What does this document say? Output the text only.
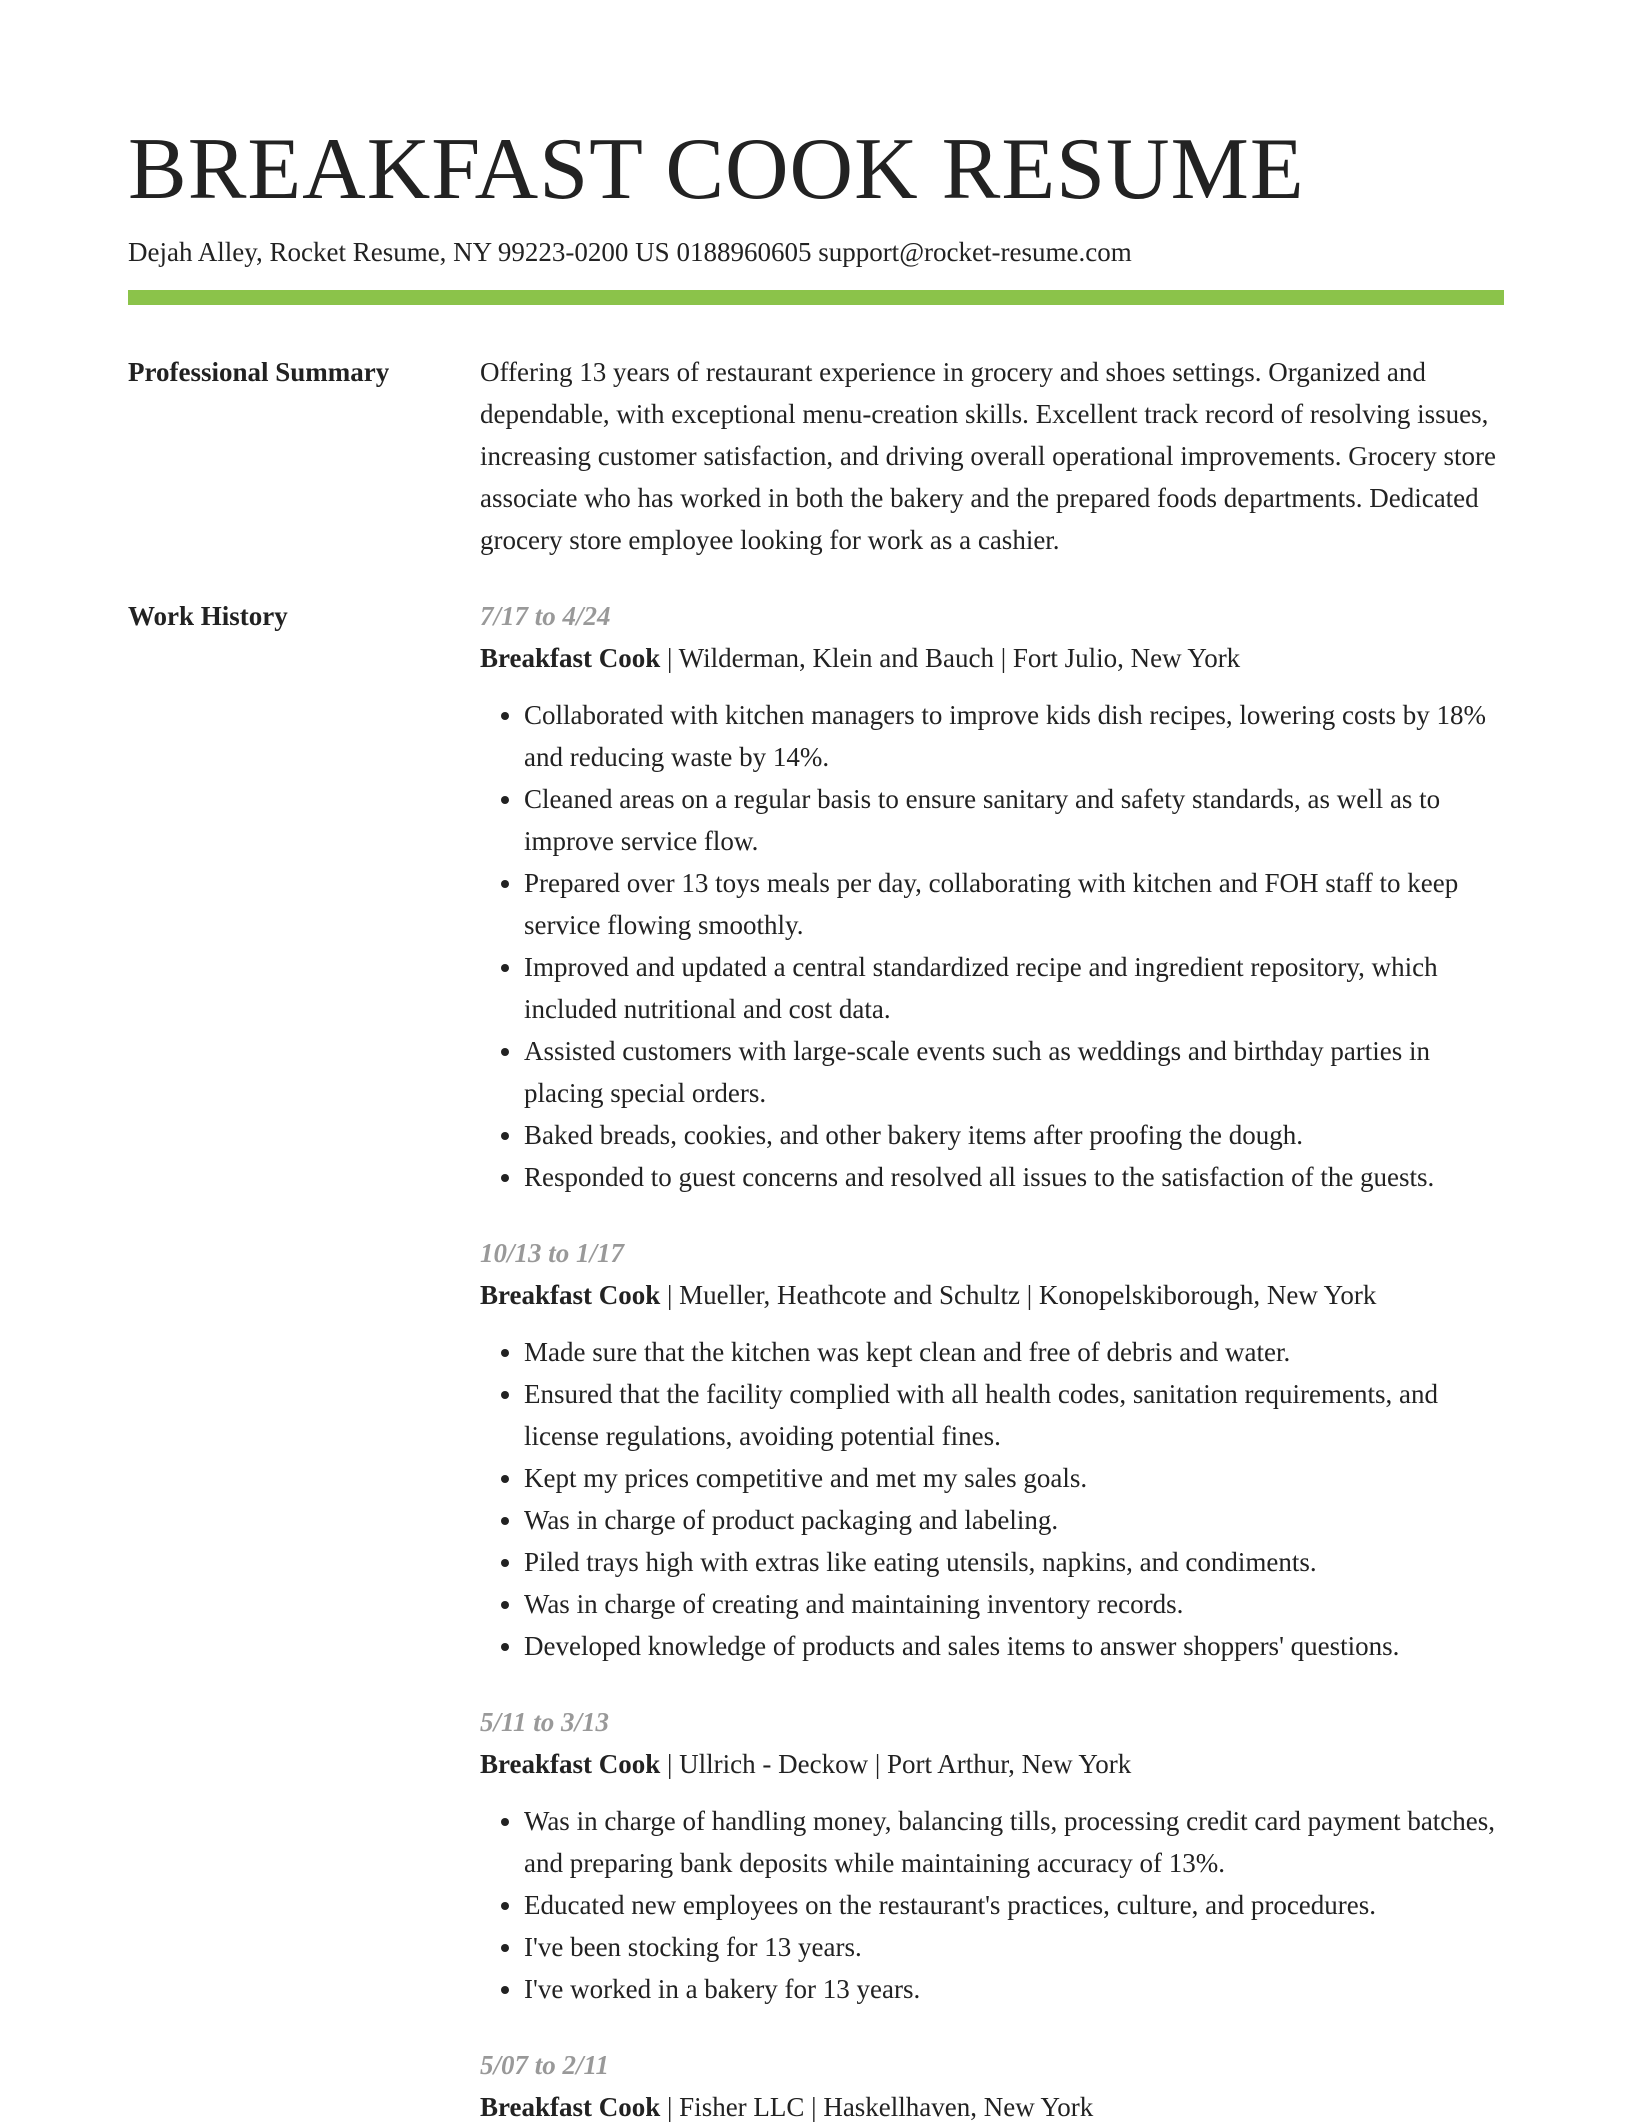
BREAKFAST COOK RESUME
Dejah Alley, Rocket Resume, NY 99223-0200 US 0188960605 support@rocket-resume.com
Professional Summary	Offering 13 years of restaurant experience in grocery and shoes settings. Organized and dependable, with exceptional menu-creation skills. Excellent track record of resolving issues, increasing customer satisfaction, and driving overall operational improvements. Grocery store associate who has worked in both the bakery and the prepared foods departments. Dedicated grocery store employee looking for work as a cashier.
Work History	7/17 to 4/24
Breakfast Cook | Wilderman, Klein and Bauch | Fort Julio, New York
• Collaborated with kitchen managers to improve kids dish recipes, lowering costs by 18% and reducing waste by 14%.
• Cleaned areas on a regular basis to ensure sanitary and safety standards, as well as to improve service flow.
• Prepared over 13 toys meals per day, collaborating with kitchen and FOH staff to keep service flowing smoothly.
• Improved and updated a central standardized recipe and ingredient repository, which included nutritional and cost data.
• Assisted customers with large-scale events such as weddings and birthday parties in placing special orders.
• Baked breads, cookies, and other bakery items after proofing the dough.
• Responded to guest concerns and resolved all issues to the satisfaction of the guests.
10/13 to 1/17
Breakfast Cook | Mueller, Heathcote and Schultz | Konopelskiborough, New York
• Made sure that the kitchen was kept clean and free of debris and water.
• Ensured that the facility complied with all health codes, sanitation requirements, and license regulations, avoiding potential fines.
• Kept my prices competitive and met my sales goals.
• Was in charge of product packaging and labeling.
• Piled trays high with extras like eating utensils, napkins, and condiments.
• Was in charge of creating and maintaining inventory records.
• Developed knowledge of products and sales items to answer shoppers' questions.
5/11 to 3/13
Breakfast Cook | Ullrich - Deckow | Port Arthur, New York
• Was in charge of handling money, balancing tills, processing credit card payment batches, and preparing bank deposits while maintaining accuracy of 13%.
• Educated new employees on the restaurant's practices, culture, and procedures.
• I've been stocking for 13 years.
• I've worked in a bakery for 13 years.
5/07 to 2/11
Breakfast Cook | Fisher LLC | Haskellhaven, New York
